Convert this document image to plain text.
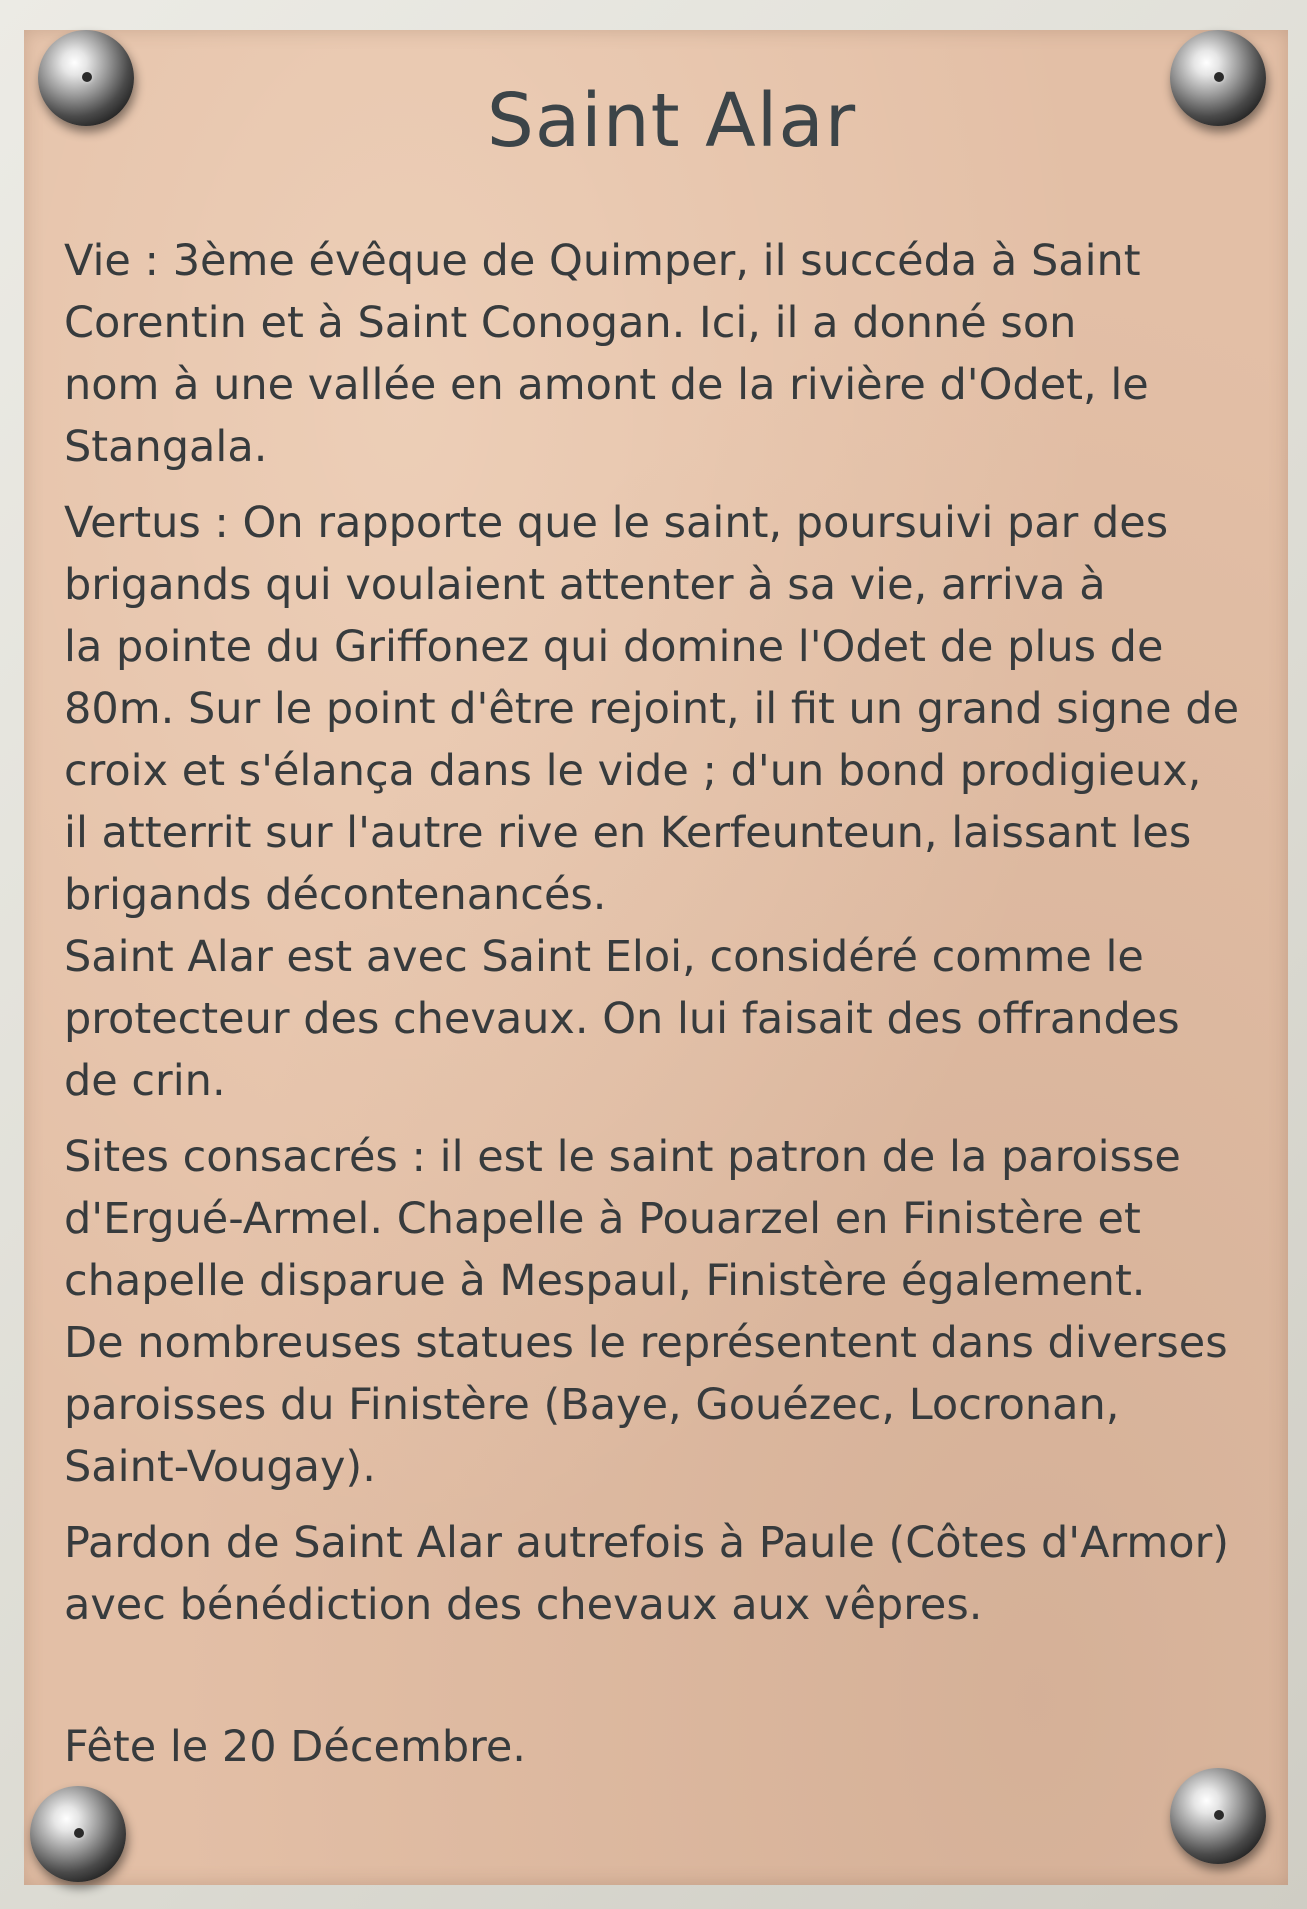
Saint Alar

Vie : 3ème évêque de Quimper, il succéda à Saint
Corentin et à Saint Conogan. Ici, il a donné son
nom à une vallée en amont de la rivière d'Odet, le
Stangala.

Vertus : On rapporte que le saint, poursuivi par des
brigands qui voulaient attenter à sa vie, arriva à
la pointe du Griffonez qui domine l'Odet de plus de
80m. Sur le point d'être rejoint, il fit un grand signe de
croix et s'élança dans le vide ; d'un bond prodigieux,
il atterrit sur l'autre rive en Kerfeunteun, laissant les
brigands décontenancés.
Saint Alar est avec Saint Eloi, considéré comme le
protecteur des chevaux. On lui faisait des offrandes
de crin.

Sites consacrés : il est le saint patron de la paroisse
d'Ergué-Armel. Chapelle à Pouarzel en Finistère et
chapelle disparue à Mespaul, Finistère également.
De nombreuses statues le représentent dans diverses
paroisses du Finistère (Baye, Gouézec, Locronan,
Saint-Vougay).

Pardon de Saint Alar autrefois à Paule (Côtes d'Armor)
avec bénédiction des chevaux aux vêpres.

Fête le 20 Décembre.
